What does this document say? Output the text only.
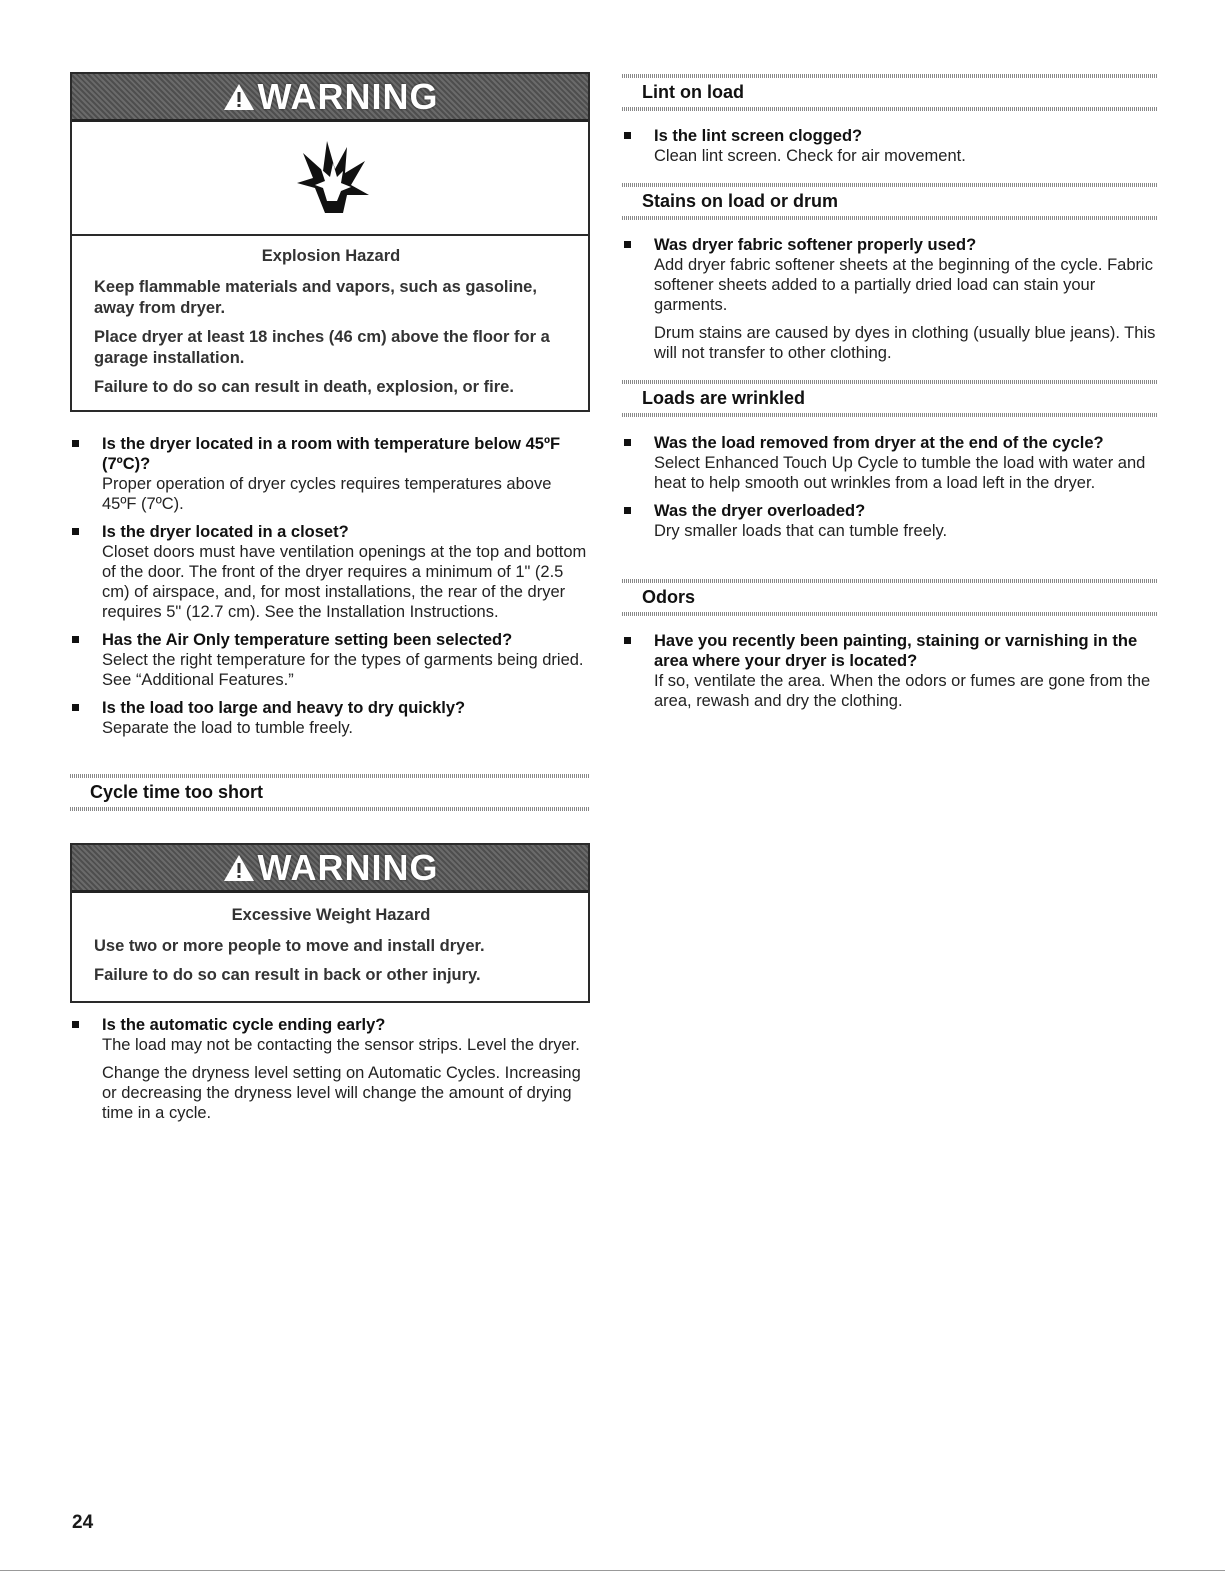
WARNING

Explosion Hazard

Keep flammable materials and vapors, such as gasoline, away from dryer.

Place dryer at least 18 inches (46 cm) above the floor for a garage installation.

Failure to do so can result in death, explosion, or fire.

Is the dryer located in a room with temperature below 45ºF (7ºC)?
Proper operation of dryer cycles requires temperatures above 45ºF (7ºC).
Is the dryer located in a closet?
Closet doors must have ventilation openings at the top and bottom of the door. The front of the dryer requires a minimum of 1" (2.5 cm) of airspace, and, for most installations, the rear of the dryer requires 5" (12.7 cm). See the Installation Instructions.
Has the Air Only temperature setting been selected?
Select the right temperature for the types of garments being dried. See “Additional Features.”
Is the load too large and heavy to dry quickly?
Separate the load to tumble freely.
Cycle time too short
WARNING

Excessive Weight Hazard

Use two or more people to move and install dryer.

Failure to do so can result in back or other injury.

Is the automatic cycle ending early?
The load may not be contacting the sensor strips. Level the dryer.
Change the dryness level setting on Automatic Cycles. Increasing or decreasing the dryness level will change the amount of drying time in a cycle.
Lint on load
Is the lint screen clogged?
Clean lint screen. Check for air movement.
Stains on load or drum
Was dryer fabric softener properly used?
Add dryer fabric softener sheets at the beginning of the cycle. Fabric softener sheets added to a partially dried load can stain your garments.
Drum stains are caused by dyes in clothing (usually blue jeans). This will not transfer to other clothing.
Loads are wrinkled
Was the load removed from dryer at the end of the cycle?
Select Enhanced Touch Up Cycle to tumble the load with water and heat to help smooth out wrinkles from a load left in the dryer.
Was the dryer overloaded?
Dry smaller loads that can tumble freely.
Odors
Have you recently been painting, staining or varnishing in the area where your dryer is located?
If so, ventilate the area. When the odors or fumes are gone from the area, rewash and dry the clothing.
24
